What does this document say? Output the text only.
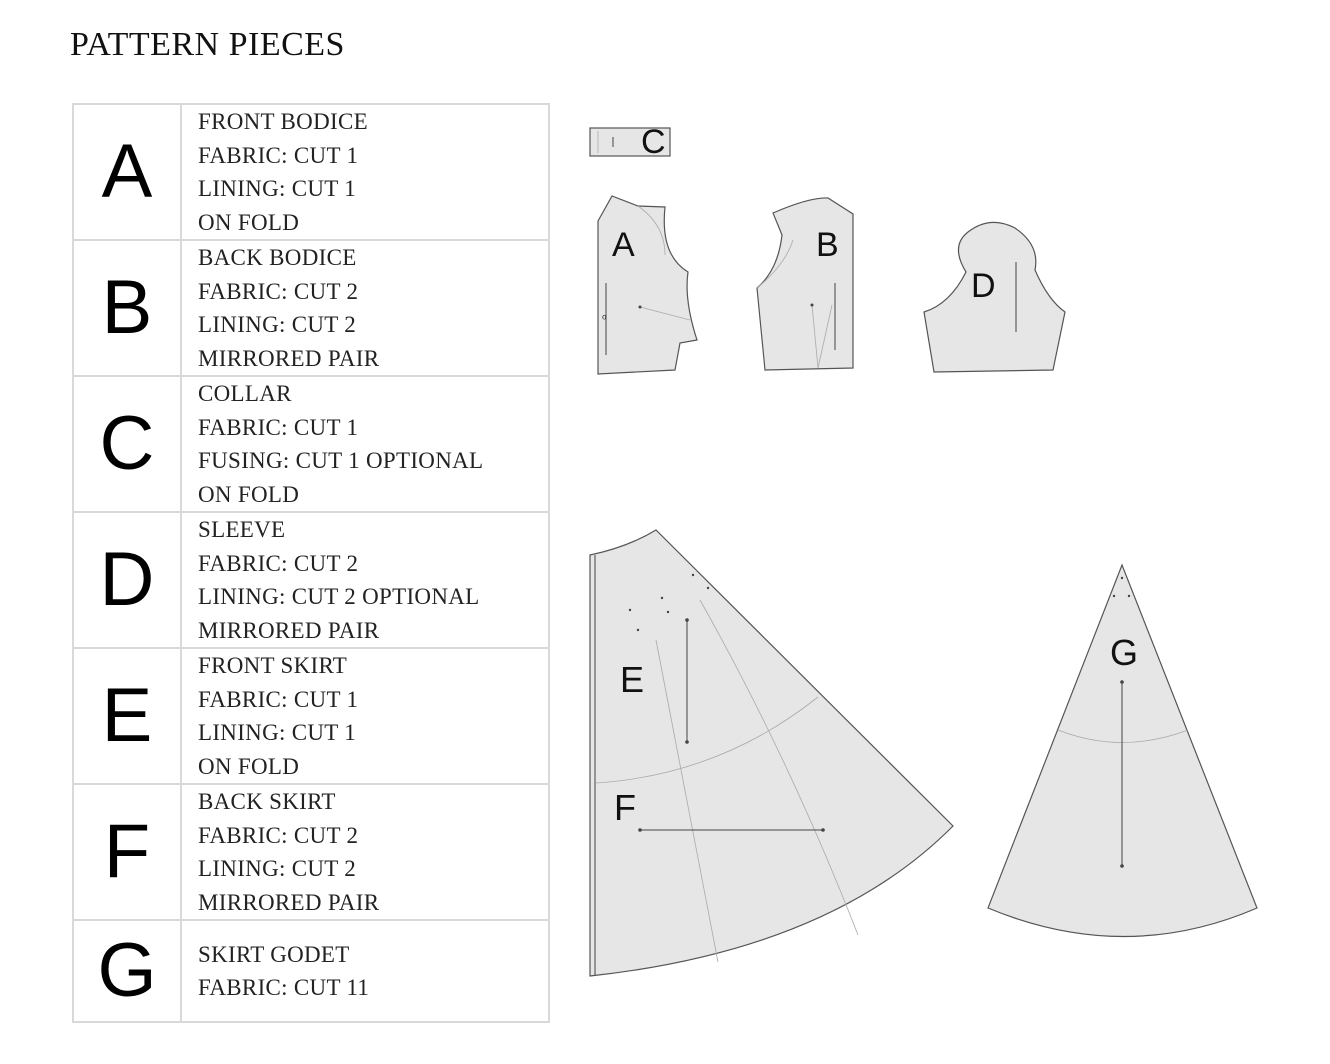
PATTERN PIECES
A	FRONT BODICE
FABRIC: CUT 1
LINING: CUT 1
ON FOLD

B	BACK BODICE
FABRIC: CUT 2
LINING: CUT 2
MIRRORED PAIR

C	COLLAR
FABRIC: CUT 1
FUSING: CUT 1 OPTIONAL
ON FOLD

D	SLEEVE
FABRIC: CUT 2
LINING: CUT 2 OPTIONAL
MIRRORED PAIR

E	FRONT SKIRT
FABRIC: CUT 1
LINING: CUT 1
ON FOLD

F	BACK SKIRT
FABRIC: CUT 2
LINING: CUT 2
MIRRORED PAIR

G	SKIRT GODET
FABRIC: CUT 11
C
A
⁰
B
D
E
F
G
